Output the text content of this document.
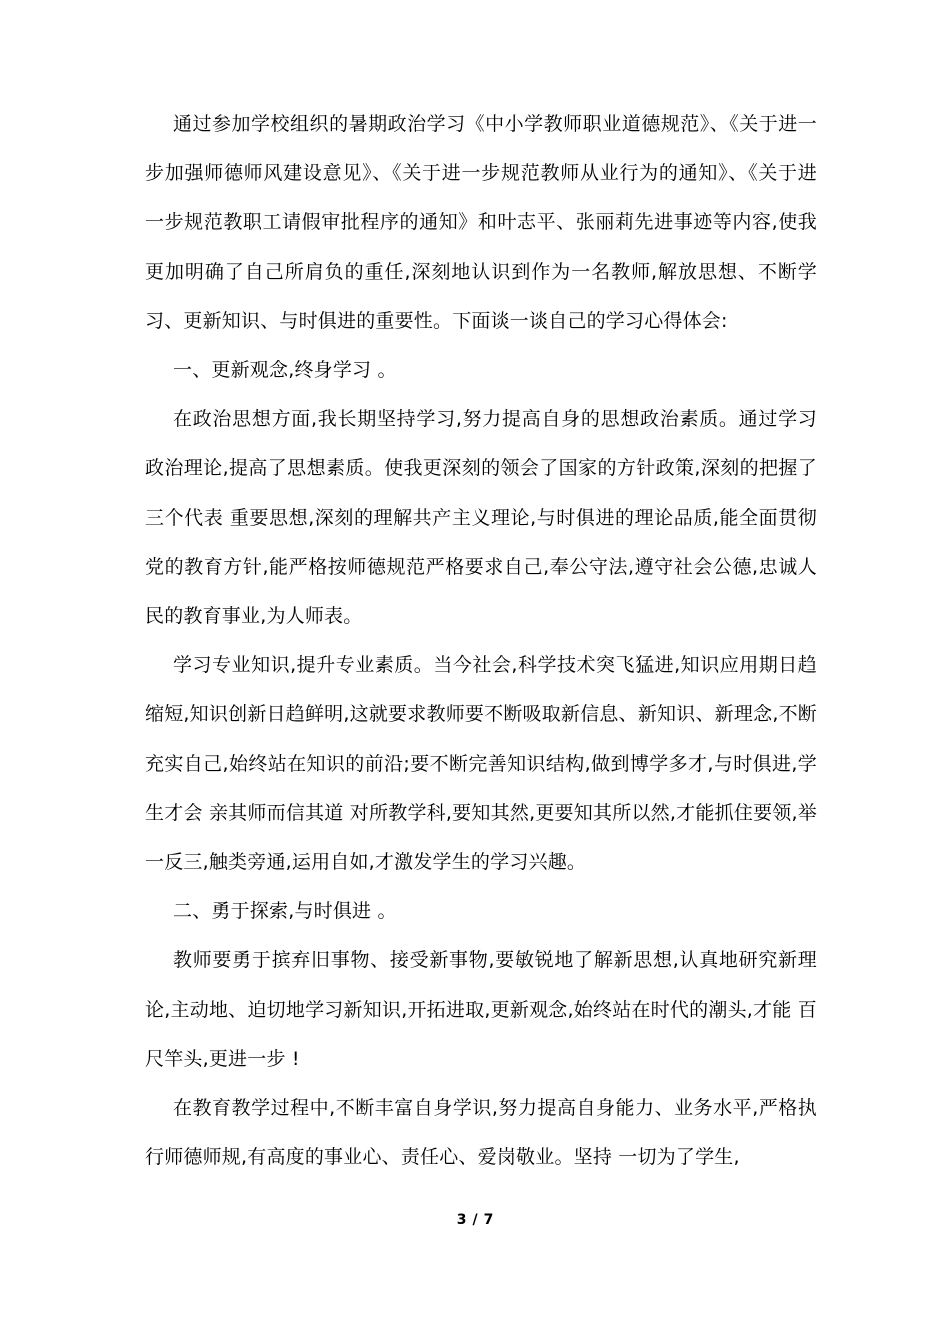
通过参加学校组织的暑期政治学习《中小学教师职业道德规范》、《关于进一步加强师德师风建设意见》、《关于进一步规范教师从业行为的通知》、《关于进一步规范教职工请假审批程序的通知》和叶志平、张丽莉先进事迹等内容,使我更加明确了自己所肩负的重任,深刻地认识到作为一名教师,解放思想、不断学习、更新知识、与时俱进的重要性。下面谈一谈自己的学习心得体会:

一、更新观念,终身学习 。

在政治思想方面,我长期坚持学习,努力提高自身的思想政治素质。通过学习政治理论,提高了思想素质。使我更深刻的领会了国家的方针政策,深刻的把握了 三个代表 重要思想,深刻的理解共产主义理论,与时俱进的理论品质,能全面贯彻党的教育方针,能严格按师德规范严格要求自己,奉公守法,遵守社会公德,忠诚人民的教育事业,为人师表。

学习专业知识,提升专业素质。当今社会,科学技术突飞猛进,知识应用期日趋缩短,知识创新日趋鲜明,这就要求教师要不断吸取新信息、新知识、新理念,不断充实自己,始终站在知识的前沿;要不断完善知识结构,做到博学多才,与时俱进,学生才会 亲其师而信其道 对所教学科,要知其然,更要知其所以然,才能抓住要领,举一反三,触类旁通,运用自如,才激发学生的学习兴趣。

二、勇于探索,与时俱进 。

教师要勇于摈弃旧事物、接受新事物,要敏锐地了解新思想,认真地研究新理论,主动地、迫切地学习新知识,开拓进取,更新观念,始终站在时代的潮头,才能 百尺竿头,更进一步 !

在教育教学过程中,不断丰富自身学识,努力提高自身能力、业务水平,严格执行师德师规,有高度的事业心、责任心、爱岗敬业。坚持 一切为了学生,

3 / 7
